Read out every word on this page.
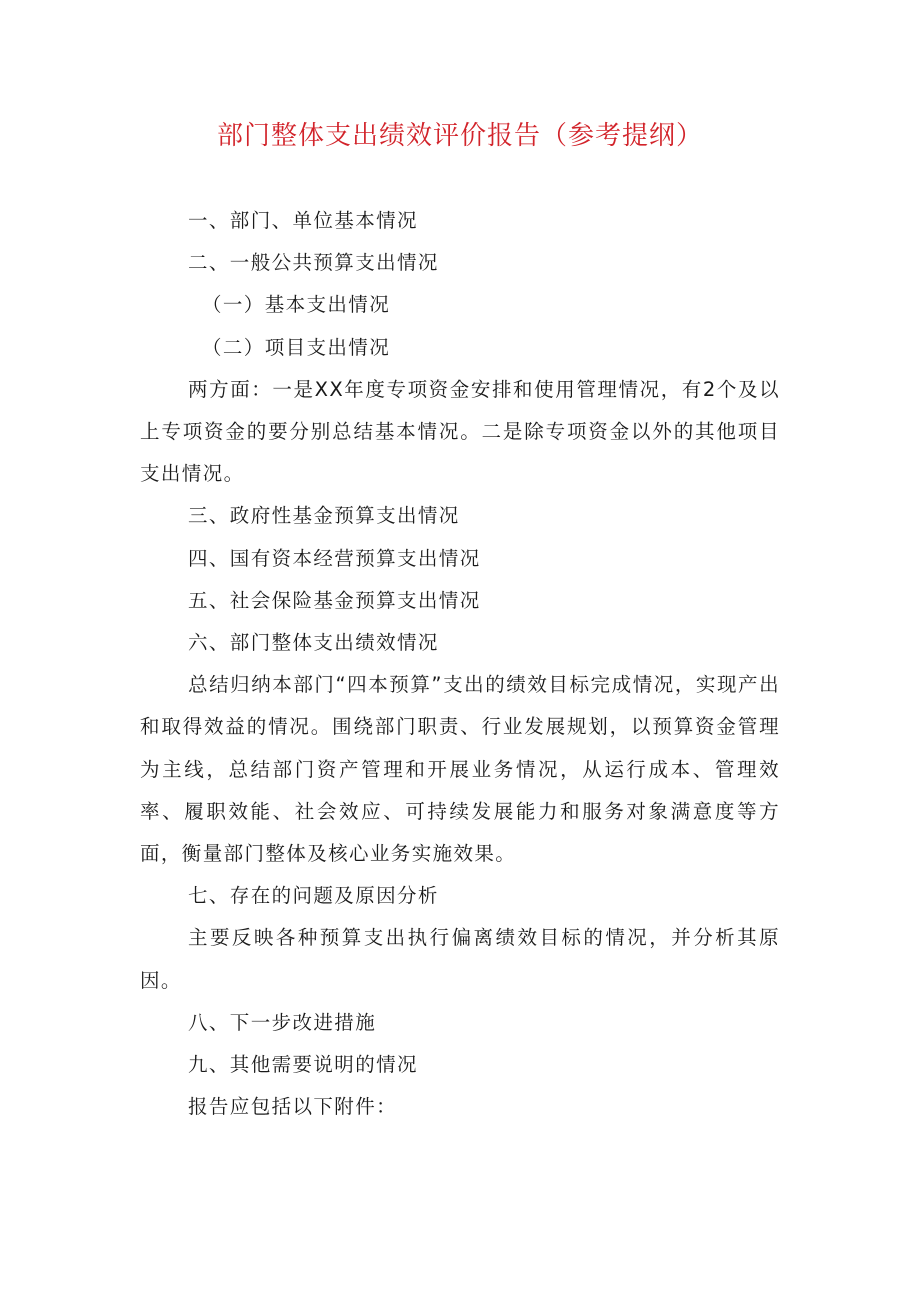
部门整体支出绩效评价报告（参考提纲）

一、部门、单位基本情况

二、一般公共预算支出情况

（一）基本支出情况

（二）项目支出情况

两方面：一是XX年度专项资金安排和使用管理情况，有2个及以上专项资金的要分别总结基本情况。二是除专项资金以外的其他项目支出情况。

三、政府性基金预算支出情况

四、国有资本经营预算支出情况

五、社会保险基金预算支出情况

六、部门整体支出绩效情况

总结归纳本部门“四本预算”支出的绩效目标完成情况，实现产出和取得效益的情况。围绕部门职责、行业发展规划，以预算资金管理为主线，总结部门资产管理和开展业务情况，从运行成本、管理效率、履职效能、社会效应、可持续发展能力和服务对象满意度等方面，衡量部门整体及核心业务实施效果。

七、存在的问题及原因分析

主要反映各种预算支出执行偏离绩效目标的情况，并分析其原因。

八、下一步改进措施

九、其他需要说明的情况

报告应包括以下附件：
